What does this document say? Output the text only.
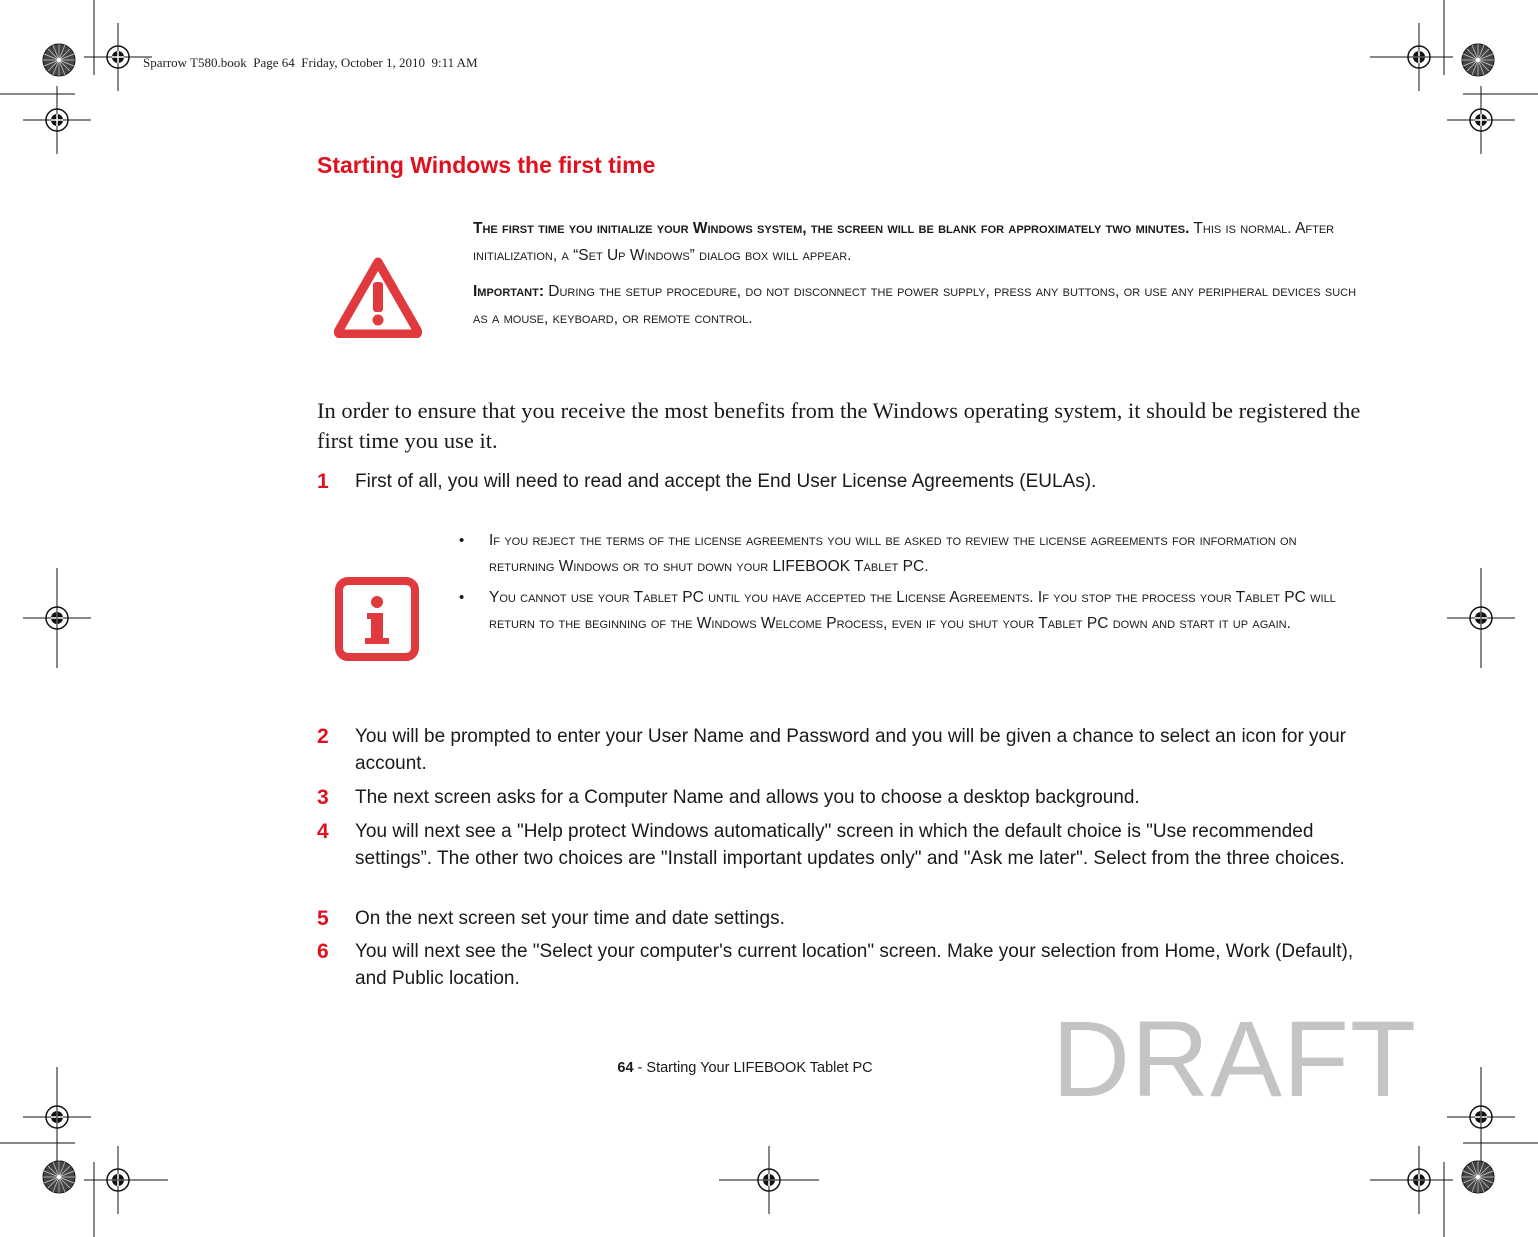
Sparrow T580.book  Page 64  Friday, October 1, 2010  9:11 AM
Starting Windows the first time

The first time you initialize your Windows system, the screen will be blank for approximately two minutes. This is normal. After initialization, a “Set Up Windows” dialog box will appear.

Important: During the setup procedure, do not disconnect the power supply, press any buttons, or use any peripheral devices such as a mouse, keyboard, or remote control.

In order to ensure that you receive the most benefits from the Windows operating system, it should be registered the first time you use it.

1 First of all, you will need to read and accept the End User License Agreements (EULAs).
• If you reject the terms of the license agreements you will be asked to review the license agreements for information on returning Windows or to shut down your LIFEBOOK Tablet PC.
• You cannot use your Tablet PC until you have accepted the License Agreements. If you stop the process your Tablet PC will return to the beginning of the Windows Welcome Process, even if you shut your Tablet PC down and start it up again.
2 You will be prompted to enter your User Name and Password and you will be given a chance to select an icon for your account.
3 The next screen asks for a Computer Name and allows you to choose a desktop background.
4 You will next see a "Help protect Windows automatically" screen in which the default choice is "Use recommended settings”. The other two choices are "Install important updates only" and "Ask me later". Select from the three choices.
5 On the next screen set your time and date settings.
6 You will next see the "Select your computer's current location" screen. Make your selection from Home, Work (Default), and Public location.
DRAFT
64 - Starting Your LIFEBOOK Tablet PC
